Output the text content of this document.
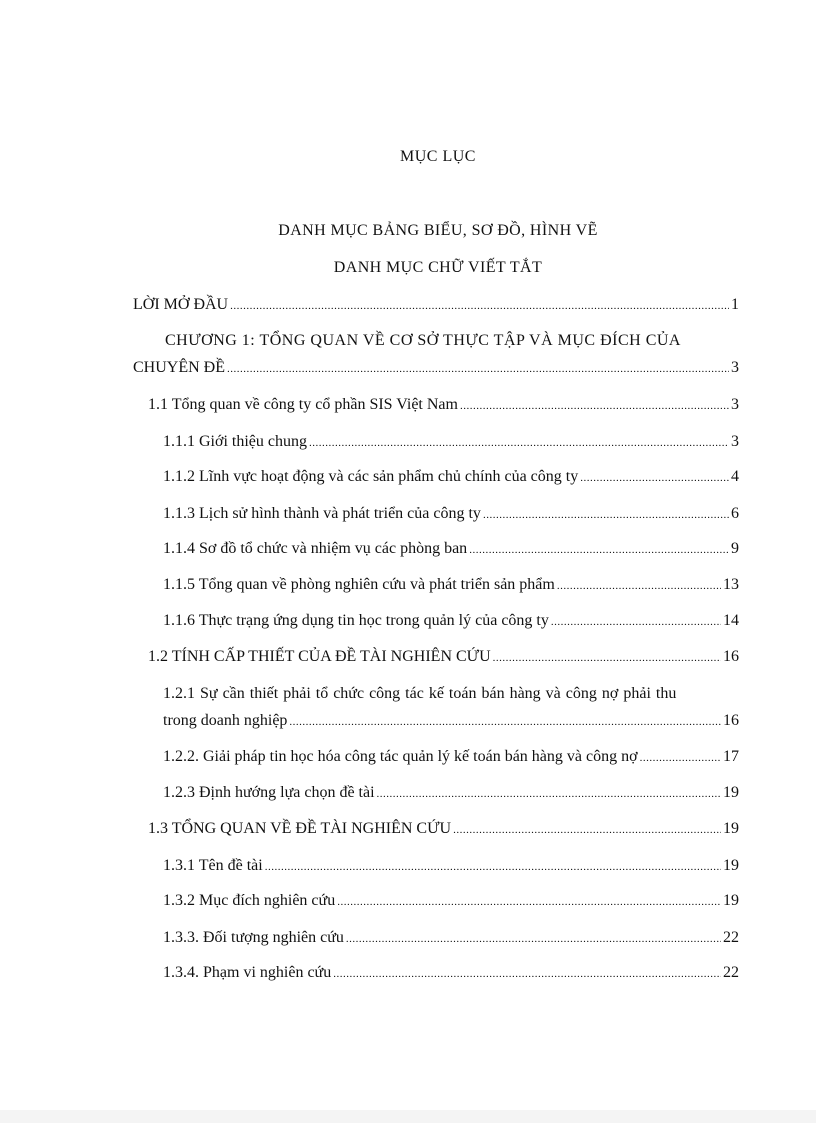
MỤC LỤC
DANH MỤC BẢNG BIỂU, SƠ ĐỒ, HÌNH VẼ
DANH MỤC CHỮ VIẾT TẮT
LỜI MỞ ĐẦU .....	1
CHƯƠNG 1: TỔNG QUAN VỀ CƠ SỞ THỰC TẬP VÀ MỤC ĐÍCH CỦA
CHUYÊN ĐỀ .....	3
1.1 Tổng quan về công ty cổ phần SIS Việt Nam .....	3
1.1.1 Giới thiệu chung .....	3
1.1.2 Lĩnh vực hoạt động và các sản phẩm chủ chính của công ty .....	4
1.1.3 Lịch sử hình thành và phát triển của công ty .....	6
1.1.4 Sơ đồ tổ chức và nhiệm vụ các phòng ban .....	9
1.1.5 Tổng quan về phòng nghiên cứu và phát triển sản phẩm .....	13
1.1.6 Thực trạng ứng dụng tin học trong quản lý của công ty .....	14
1.2 TÍNH CẤP THIẾT CỦA ĐỀ TÀI NGHIÊN CỨU .....	16
1.2.1 Sự cần thiết phải tổ chức công tác kế toán bán hàng và công nợ phải thu
trong doanh nghiệp .....	16
1.2.2. Giải pháp tin học hóa công tác quản lý kế toán bán hàng và công nợ .....	17
1.2.3 Định hướng lựa chọn đề tài .....	19
1.3 TỔNG QUAN VỀ ĐỀ TÀI NGHIÊN CỨU .....	19
1.3.1 Tên đề tài .....	19
1.3.2 Mục đích nghiên cứu .....	19
1.3.3. Đối tượng nghiên cứu .....	22
1.3.4. Phạm vi nghiên cứu .....	22
